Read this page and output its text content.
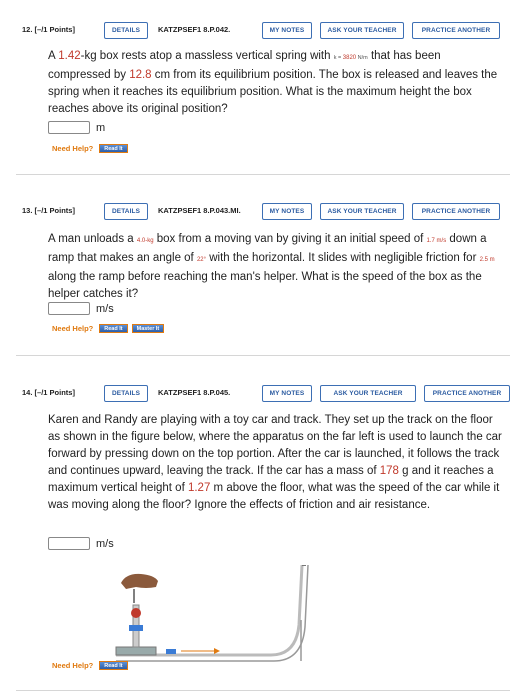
12. [–/1 Points]	DETAILS	KATZPSEF1 8.P.042.	MY NOTES	ASK YOUR TEACHER	PRACTICE ANOTHER
A 1.42-kg box rests atop a massless vertical spring with k = 3820 N/m that has been compressed by 12.8 cm from its equilibrium position. The box is released and leaves the spring when it reaches its equilibrium position. What is the maximum height the box reaches above its original position?
m
Need Help?	Read It
13. [–/1 Points]	DETAILS	KATZPSEF1 8.P.043.MI.	MY NOTES	ASK YOUR TEACHER	PRACTICE ANOTHER
A man unloads a 4.0-kg box from a moving van by giving it an initial speed of 1.7 m/s down a ramp that makes an angle of 22° with the horizontal. It slides with negligible friction for 2.5 m along the ramp before reaching the man's helper. What is the speed of the box as the helper catches it?
m/s
Need Help?	Read It	Master It
14. [–/1 Points]	DETAILS	KATZPSEF1 8.P.045.	MY NOTES	ASK YOUR TEACHER	PRACTICE ANOTHER
Karen and Randy are playing with a toy car and track. They set up the track on the floor as shown in the figure below, where the apparatus on the far left is used to launch the car forward by pressing down on the top portion. After the car is launched, it follows the track and continues upward, leaving the track. If the car has a mass of 178 g and it reaches a maximum vertical height of 1.27 m above the floor, what was the speed of the car while it was moving along the floor? Ignore the effects of friction and air resistance.
m/s
Need Help?	Read It
